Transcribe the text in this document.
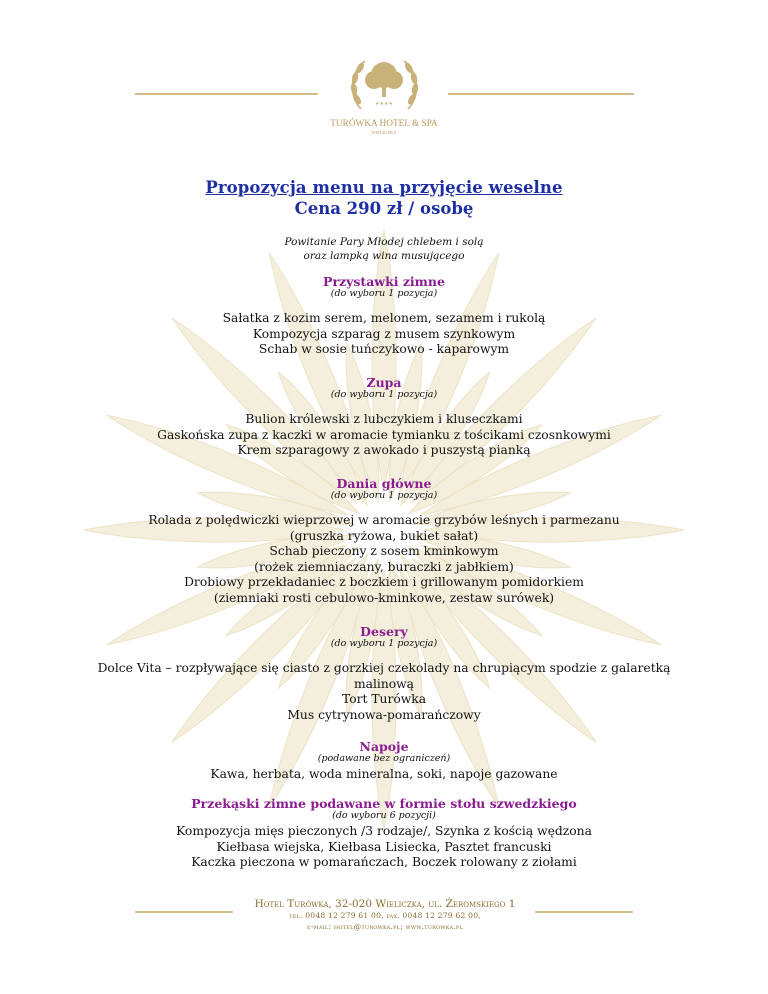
★★★★
TURÓWKA HOTEL & SPA
WIELICZKA
Propozycja menu na przyjęcie weselne
Cena 290 zł / osobę
Powitanie Pary Młodej chlebem i solą
oraz lampką wina musującego
Przystawki zimne
(do wyboru 1 pozycja)
Sałatka z kozim serem, melonem, sezamem i rukolą
Kompozycja szparag z musem szynkowym
Schab w sosie tuńczykowo - kaparowym
Zupa
(do wyboru 1 pozycja)
Bulion królewski z lubczykiem i kluseczkami
Gaskońska zupa z kaczki w aromacie tymianku z tościkami czosnkowymi
Krem szparagowy z awokado i puszystą pianką
Dania główne
(do wyboru 1 pozycja)
Rolada z polędwiczki wieprzowej w aromacie grzybów leśnych i parmezanu
(gruszka ryżowa, bukiet sałat)
Schab pieczony z sosem kminkowym
(rożek ziemniaczany, buraczki z jabłkiem)
Drobiowy przekładaniec z boczkiem i grillowanym pomidorkiem
(ziemniaki rosti cebulowo-kminkowe, zestaw surówek)
Desery
(do wyboru 1 pozycja)
Dolce Vita – rozpływające się ciasto z gorzkiej czekolady na chrupiącym spodzie z galaretką
malinową
Tort Turówka
Mus cytrynowa-pomarańczowy
Napoje
(podawane bez ograniczeń)
Kawa, herbata, woda mineralna, soki, napoje gazowane
Przekąski zimne podawane w formie stołu szwedzkiego
(do wyboru 6 pozycji)
Kompozycja mięs pieczonych /3 rodzaje/, Szynka z kością wędzona
Kiełbasa wiejska, Kiełbasa Lisiecka, Pasztet francuski
Kaczka pieczona w pomarańczach, Boczek rolowany z ziołami
Hotel Turówka, 32-020 Wieliczka, ul. Żeromskiego 1
tel. 0048 12 279 61 00, fax. 0048 12 279 62 00,
e-mail: hotel@turowka.pl; www.turowka.pl
